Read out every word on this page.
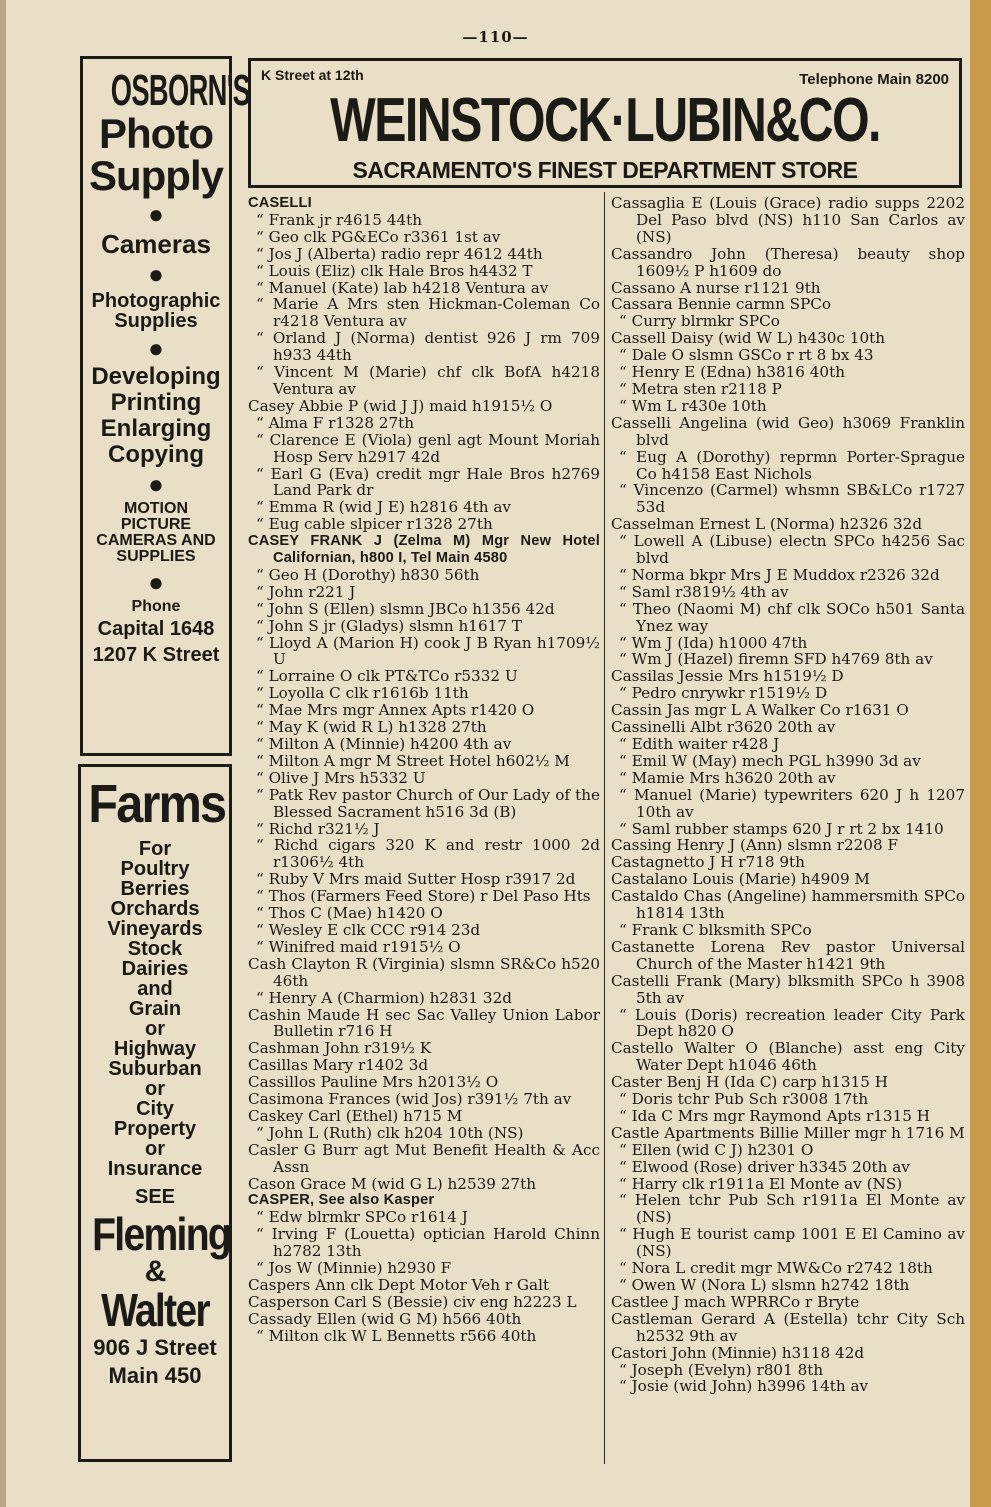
—110—
OSBORN'S
Photo
Supply
●
Cameras
●
Photographic
Supplies
●
Developing
Printing
Enlarging
Copying
●
MOTION
PICTURE
CAMERAS AND
SUPPLIES
●
Phone
Capital 1648
1207 K Street
Farms
For
Poultry
Berries
Orchards
Vineyards
Stock
Dairies
and
Grain
or
Highway
Suburban
or
City
Property
or
Insurance
SEE
Fleming
&
Walter
906 J Street
Main 450
K Street at 12th	Telephone Main 8200
WEINSTOCK·LUBIN&CO.
SACRAMENTO'S FINEST DEPARTMENT STORE
CASELLI
“ Frank jr r4615 44th
“ Geo clk PG&ECo r3361 1st av
“ Jos J (Alberta) radio repr 4612 44th
“ Louis (Eliz) clk Hale Bros h4432 T
“ Manuel (Kate) lab h4218 Ventura av
“ Marie A Mrs sten Hickman-Coleman Co r4218 Ventura av
“ Orland J (Norma) dentist 926 J rm 709 h933 44th
“ Vincent M (Marie) chf clk BofA h4218 Ventura av
Casey Abbie P (wid J J) maid h1915½ O
“ Alma F r1328 27th
“ Clarence E (Viola) genl agt Mount Moriah Hosp Serv h2917 42d
“ Earl G (Eva) credit mgr Hale Bros h2769 Land Park dr
“ Emma R (wid J E) h2816 4th av
“ Eug cable slpicer r1328 27th
CASEY FRANK J (Zelma M) Mgr New Hotel Californian, h800 I, Tel Main 4580
“ Geo H (Dorothy) h830 56th
“ John r221 J
“ John S (Ellen) slsmn JBCo h1356 42d
“ John S jr (Gladys) slsmn h1617 T
“ Lloyd A (Marion H) cook J B Ryan h1709½ U
“ Lorraine O clk PT&TCo r5332 U
“ Loyolla C clk r1616b 11th
“ Mae Mrs mgr Annex Apts r1420 O
“ May K (wid R L) h1328 27th
“ Milton A (Minnie) h4200 4th av
“ Milton A mgr M Street Hotel h602½ M
“ Olive J Mrs h5332 U
“ Patk Rev pastor Church of Our Lady of the Blessed Sacrament h516 3d (B)
“ Richd r321½ J
“ Richd cigars 320 K and restr 1000 2d r1306½ 4th
“ Ruby V Mrs maid Sutter Hosp r3917 2d
“ Thos (Farmers Feed Store) r Del Paso Hts
“ Thos C (Mae) h1420 O
“ Wesley E clk CCC r914 23d
“ Winifred maid r1915½ O
Cash Clayton R (Virginia) slsmn SR&Co h520 46th
“ Henry A (Charmion) h2831 32d
Cashin Maude H sec Sac Valley Union Labor Bulletin r716 H
Cashman John r319½ K
Casillas Mary r1402 3d
Cassillos Pauline Mrs h2013½ O
Casimona Frances (wid Jos) r391½ 7th av
Caskey Carl (Ethel) h715 M
“ John L (Ruth) clk h204 10th (NS)
Casler G Burr agt Mut Benefit Health & Acc Assn
Cason Grace M (wid G L) h2539 27th
CASPER, See also Kasper
“ Edw blrmkr SPCo r1614 J
“ Irving F (Louetta) optician Harold Chinn h2782 13th
“ Jos W (Minnie) h2930 F
Caspers Ann clk Dept Motor Veh r Galt
Casperson Carl S (Bessie) civ eng h2223 L
Cassady Ellen (wid G M) h566 40th
“ Milton clk W L Bennetts r566 40th
Cassaglia E (Louis (Grace) radio supps 2202 Del Paso blvd (NS) h110 San Carlos av (NS)
Cassandro John (Theresa) beauty shop 1609½ P h1609 do
Cassano A nurse r1121 9th
Cassara Bennie carmn SPCo
“ Curry blrmkr SPCo
Cassell Daisy (wid W L) h430c 10th
“ Dale O slsmn GSCo r rt 8 bx 43
“ Henry E (Edna) h3816 40th
“ Metra sten r2118 P
“ Wm L r430e 10th
Casselli Angelina (wid Geo) h3069 Franklin blvd
“ Eug A (Dorothy) reprmn Porter-Sprague Co h4158 East Nichols
“ Vincenzo (Carmel) whsmn SB&LCo r1727 53d
Casselman Ernest L (Norma) h2326 32d
“ Lowell A (Libuse) electn SPCo h4256 Sac blvd
“ Norma bkpr Mrs J E Muddox r2326 32d
“ Saml r3819½ 4th av
“ Theo (Naomi M) chf clk SOCo h501 Santa Ynez way
“ Wm J (Ida) h1000 47th
“ Wm J (Hazel) firemn SFD h4769 8th av
Cassilas Jessie Mrs h1519½ D
“ Pedro cnrywkr r1519½ D
Cassin Jas mgr L A Walker Co r1631 O
Cassinelli Albt r3620 20th av
“ Edith waiter r428 J
“ Emil W (May) mech PGL h3990 3d av
“ Mamie Mrs h3620 20th av
“ Manuel (Marie) typewriters 620 J h 1207 10th av
“ Saml rubber stamps 620 J r rt 2 bx 1410
Cassing Henry J (Ann) slsmn r2208 F
Castagnetto J H r718 9th
Castalano Louis (Marie) h4909 M
Castaldo Chas (Angeline) hammersmith SPCo h1814 13th
“ Frank C blksmith SPCo
Castanette Lorena Rev pastor Universal Church of the Master h1421 9th
Castelli Frank (Mary) blksmith SPCo h 3908 5th av
“ Louis (Doris) recreation leader City Park Dept h820 O
Castello Walter O (Blanche) asst eng City Water Dept h1046 46th
Caster Benj H (Ida C) carp h1315 H
“ Doris tchr Pub Sch r3008 17th
“ Ida C Mrs mgr Raymond Apts r1315 H
Castle Apartments Billie Miller mgr h 1716 M
“ Ellen (wid C J) h2301 O
“ Elwood (Rose) driver h3345 20th av
“ Harry clk r1911a El Monte av (NS)
“ Helen tchr Pub Sch r1911a El Monte av (NS)
“ Hugh E tourist camp 1001 E El Camino av (NS)
“ Nora L credit mgr MW&Co r2742 18th
“ Owen W (Nora L) slsmn h2742 18th
Castlee J mach WPRRCo r Bryte
Castleman Gerard A (Estella) tchr City Sch h2532 9th av
Castori John (Minnie) h3118 42d
“ Joseph (Evelyn) r801 8th
“ Josie (wid John) h3996 14th av
